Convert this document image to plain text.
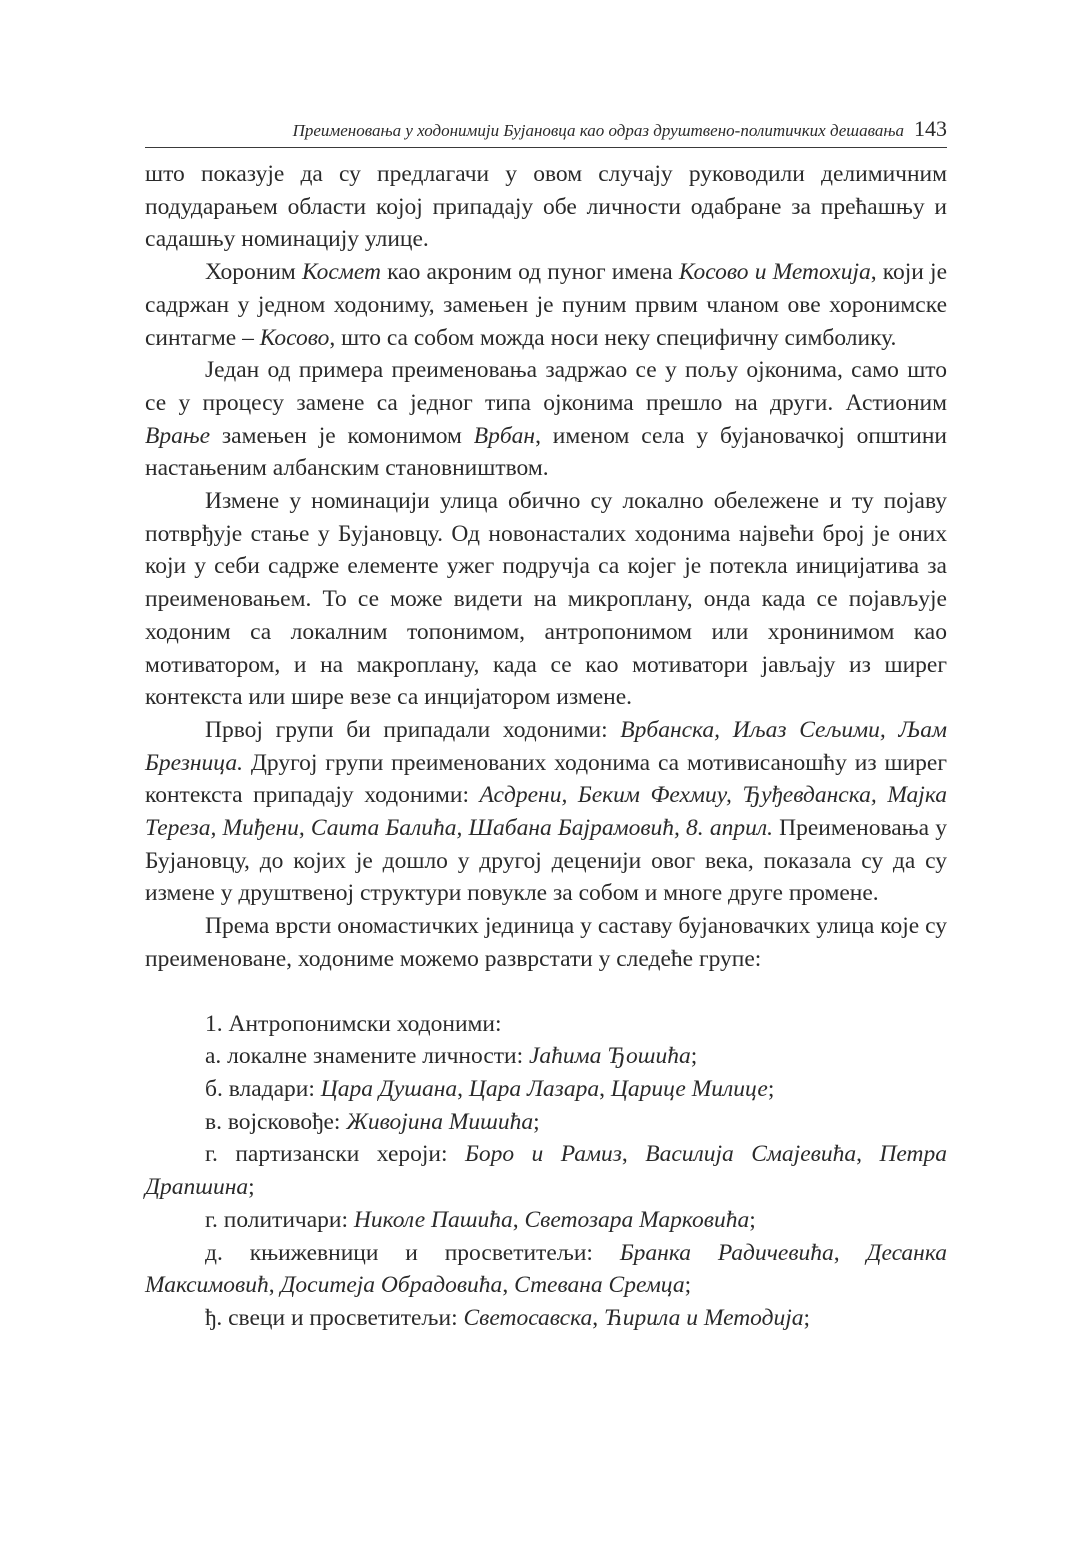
Преименовања у ходонимији Бујановца као одраз друштвено-политичких дешавања 143

што показује да су предлагачи у овом случају руководили делимичним подударањем области којој припадају обе личности одабране за прећашњу и садашњу номинацију улице.

Хороним Космет као акроним од пуног имена Косово и Метохија, који је садржан у једном ходониму, замењен је пуним првим чланом ове хоронимске синтагме – Косово, што са собом можда носи неку специфичну симболику.

Један од примера преименовања задржао се у пољу ојконима, само што се у процесу замене са једног типа ојконима прешло на други. Астионим Врање замењен је комонимом Врбан, именом села у бујановачкој општини настањеним албанским становништвом.

Измене у номинацији улица обично су локално обележене и ту појаву потврђује стање у Бујановцу. Од новонасталих ходонима највећи број је оних који у себи садрже елементе ужег подручја са којег је потекла иницијатива за преименовањем. То се може видети на микроплану, онда када се појављује ходоним са локалним топонимом, антропонимом или хронинимом као мотиватором, и на макроплану, када се као мотиватори јављају из ширег контекста или шире везе са инцијатором измене.

Првој групи би припадали ходоними: Врбанска, Иљаз Сељими, Љам Брезница. Другој групи преименованих ходонима са мотивисаношћу из ширег контекста припадају ходоними: Асдрени, Беким Фехмиу, Ђуђевданска, Мајка Тереза, Миђени, Саита Балића, Шабана Бајрамовић, 8. април. Преименовања у Бујановцу, до којих је дошло у другој деценији овог века, показала су да су измене у друштвеној структури повукле за собом и многе друге промене.

Према врсти ономастичких јединица у саставу бујановачких улица које су преименоване, ходониме можемо разврстати у следеће групе:

1. Антропонимски ходоними:

а. локалне знамените личности: Јаћима Ђошића;

б. владари: Цара Душана, Цара Лазара, Царице Милице;

в. војсковође: Живојина Мишића;

г. партизански хероји: Боро и Рамиз, Василија Смајевића, Петра Драпшина;

г. политичари: Николе Пашића, Светозара Марковића;

д. књижевници и просветитељи: Бранка Радичевића, Десанка Максимовић, Доситеја Обрадовића, Стевана Сремца;

ђ. свеци и просветитељи: Светосавска, Ћирила и Методија;
